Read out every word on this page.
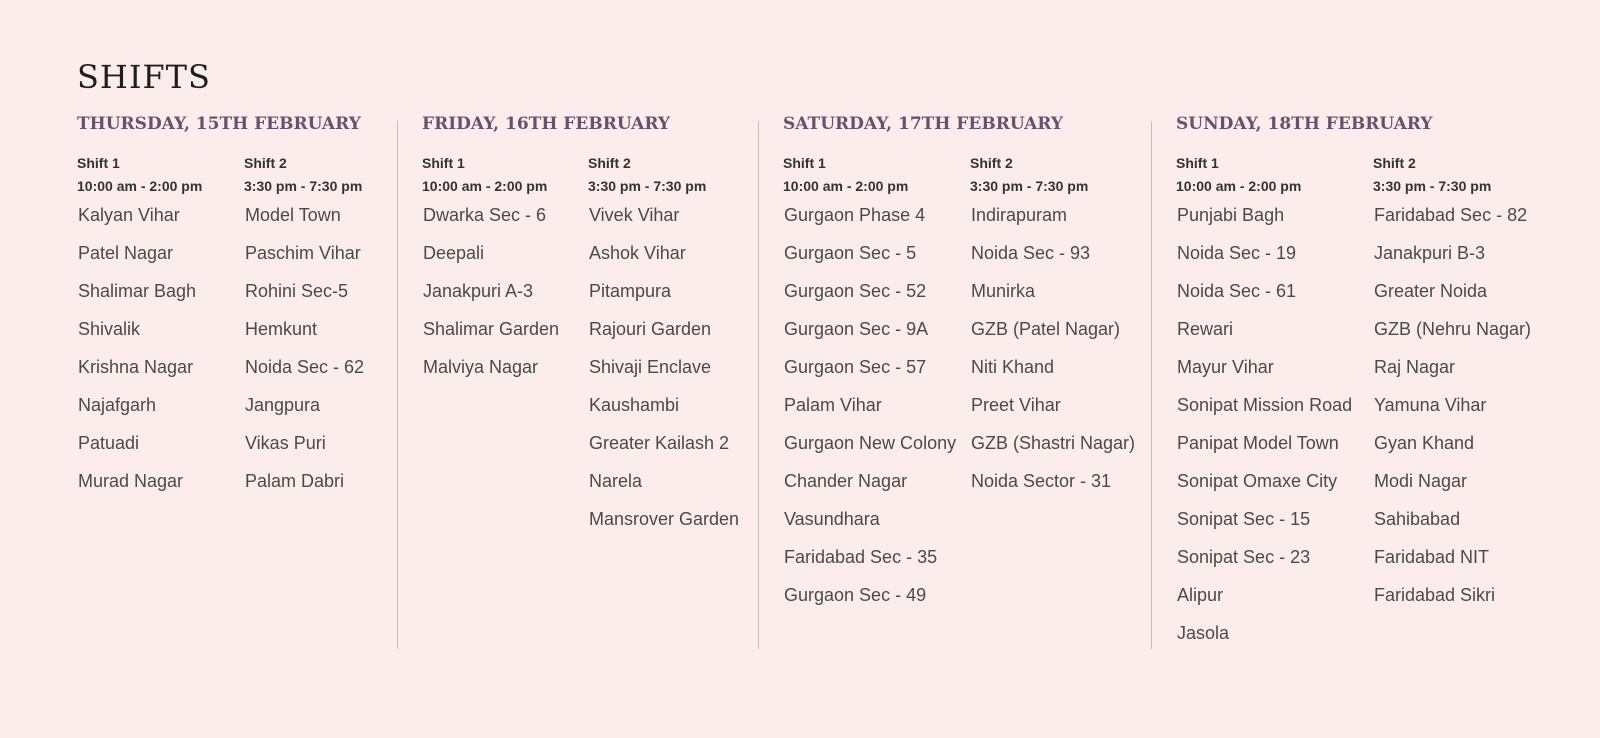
SHIFTS
THURSDAY, 15TH FEBRUARY
Shift 1
10:00 am - 2:00 pm
Kalyan Vihar
Patel Nagar
Shalimar Bagh
Shivalik
Krishna Nagar
Najafgarh
Patuadi
Murad Nagar
Shift 2
3:30 pm - 7:30 pm
Model Town
Paschim Vihar
Rohini Sec-5
Hemkunt
Noida Sec - 62
Jangpura
Vikas Puri
Palam Dabri
FRIDAY, 16TH FEBRUARY
Shift 1
10:00 am - 2:00 pm
Dwarka Sec - 6
Deepali
Janakpuri A-3
Shalimar Garden
Malviya Nagar
Shift 2
3:30 pm - 7:30 pm
Vivek Vihar
Ashok Vihar
Pitampura
Rajouri Garden
Shivaji Enclave
Kaushambi
Greater Kailash 2
Narela
Mansrover Garden
SATURDAY, 17TH FEBRUARY
Shift 1
10:00 am - 2:00 pm
Gurgaon Phase 4
Gurgaon Sec - 5
Gurgaon Sec - 52
Gurgaon Sec - 9A
Gurgaon Sec - 57
Palam Vihar
Gurgaon New Colony
Chander Nagar
Vasundhara
Faridabad Sec - 35
Gurgaon Sec - 49
Shift 2
3:30 pm - 7:30 pm
Indirapuram
Noida Sec - 93
Munirka
GZB (Patel Nagar)
Niti Khand
Preet Vihar
GZB (Shastri Nagar)
Noida Sector - 31
SUNDAY, 18TH FEBRUARY
Shift 1
10:00 am - 2:00 pm
Punjabi Bagh
Noida Sec - 19
Noida Sec - 61
Rewari
Mayur Vihar
Sonipat Mission Road
Panipat Model Town
Sonipat Omaxe City
Sonipat Sec - 15
Sonipat Sec - 23
Alipur
Jasola
Shift 2
3:30 pm - 7:30 pm
Faridabad Sec - 82
Janakpuri B-3
Greater Noida
GZB (Nehru Nagar)
Raj Nagar
Yamuna Vihar
Gyan Khand
Modi Nagar
Sahibabad
Faridabad NIT
Faridabad Sikri
